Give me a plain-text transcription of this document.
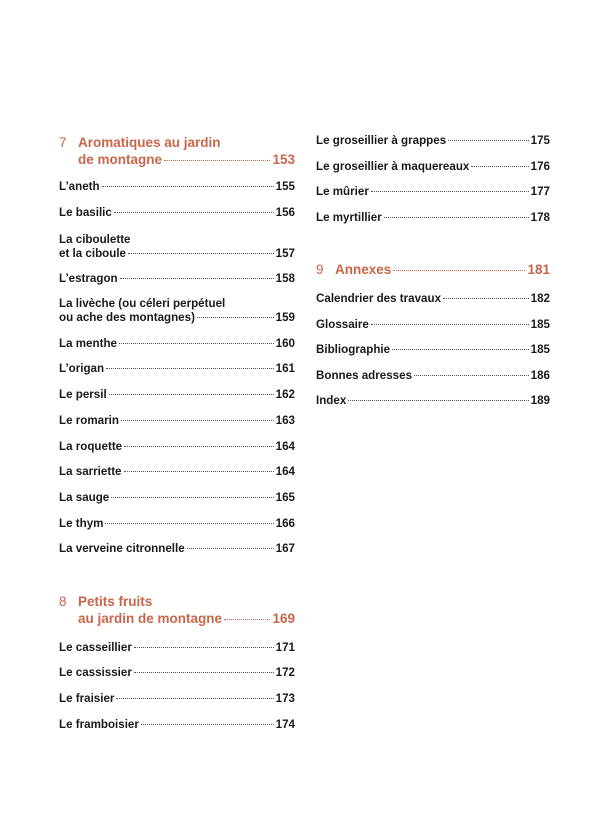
7 Aromatiques au jardin
de montagne	153
L’aneth	155
Le basilic	156
La ciboulette
et la ciboule	157
L’estragon	158
La livèche (ou céleri perpétuel
ou ache des montagnes)	159
La menthe	160
L’origan	161
Le persil	162
Le romarin	163
La roquette	164
La sarriette	164
La sauge	165
Le thym	166
La verveine citronnelle	167
8 Petits fruits
au jardin de montagne	169
Le casseillier	171
Le cassissier	172
Le fraisier	173
Le framboisier	174
Le groseillier à grappes	175
Le groseillier à maquereaux	176
Le mûrier	177
Le myrtillier	178
9 Annexes	181
Calendrier des travaux	182
Glossaire	185
Bibliographie	185
Bonnes adresses	186
Index	189
